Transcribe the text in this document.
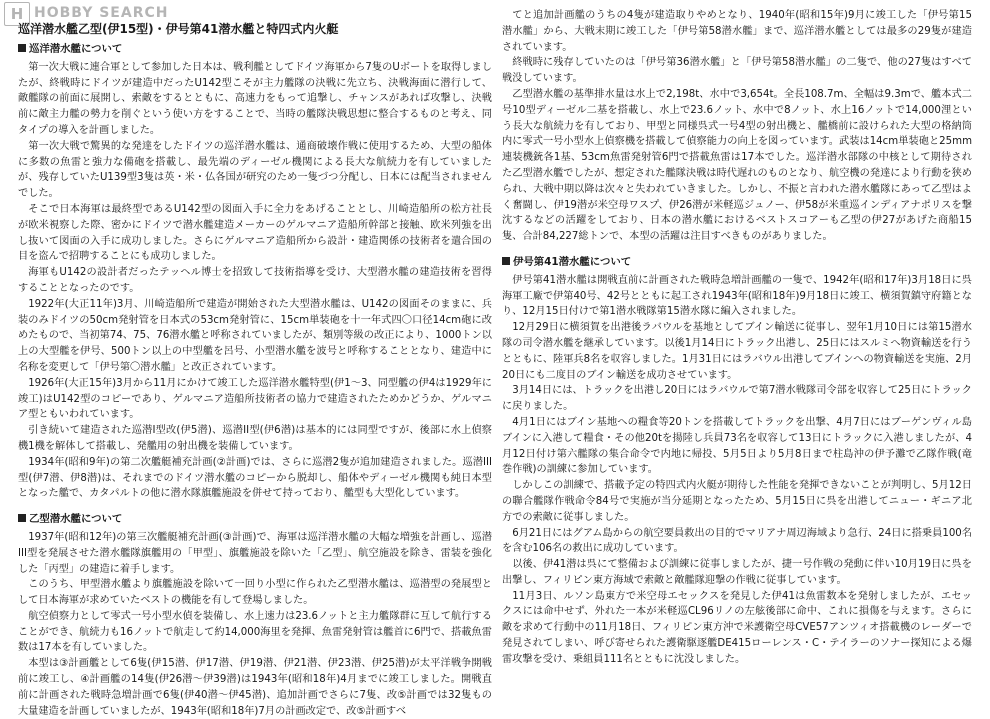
H HOBBY SEARCH
巡洋潜水艦乙型(伊15型)・伊号第41潜水艦と特四式内火艇
巡洋潜水艦について

第一次大戦に連合軍として参加した日本は、戦利艦としてドイツ海軍から7隻のUボートを取得しましたが、終戦時にドイツが建造中だったU142型こそが主力艦隊の決戦に先立ち、決戦海面に潜行して、敵艦隊の前面に展開し、索敵をするとともに、高速力をもって追撃し、チャンスがあれば攻撃し、決戦前に敵主力艦の勢力を削ぐという使い方をすることで、当時の艦隊決戦思想に整合するものと考え、同タイプの導入を計画しました。

第一次大戦で驚異的な発達をしたドイツの巡洋潜水艦は、通商破壊作戦に使用するため、大型の船体に多数の魚雷と強力な備砲を搭載し、最先端のディーゼル機関による長大な航続力を有していましたが、残存していたU139型3隻は英・米・仏各国が研究のため一隻づつ分配し、日本には配当されませんでした。

そこで日本海軍は最終型であるU142型の図面入手に全力をあげることとし、川崎造船所の松方社長が欧米視察した際、密かにドイツで潜水艦建造メーカーのゲルマニア造船所幹部と接触、欧米列強を出し抜いて図面の入手に成功しました。さらにゲルマニア造船所から設計・建造関係の技術者を遣合国の目を盗んで招聘することにも成功しました。

海軍もU142の設計者だったテッヘル博士を招致して技術指導を受け、大型潜水艦の建造技術を習得することとなったのです。

1922年(大正11年)3月、川崎造船所で建造が開始された大型潜水艦は、U142の図面そのままに、兵装のみドイツの50cm発射管を日本式の53cm発射管に、15cm単装砲を十一年式四〇口径14cm砲に改めたもので、当初第74、75、76潜水艦と呼称されていましたが、類別等級の改正により、1000トン以上の大型艦を伊号、500トン以上の中型艦を呂号、小型潜水艦を波号と呼称することとなり、建造中に名称を変更して「伊号第〇潜水艦」と改正されています。

1926年(大正15年)3月から11月にかけて竣工した巡洋潜水艦特型(伊1～3、同型艦の伊4は1929年に竣工)はU142型のコピーであり、ゲルマニア造船所技術者の協力で建造されたためかどうか、ゲルマニア型ともいわれています。

引き続いて建造された巡潜I型改(伊5潜)、巡潜II型(伊6潜)は基本的には同型ですが、後部に水上偵察機1機を解体して搭載し、発艦用の射出機を装備しています。

1934年(昭和9年)の第二次艦艇補充計画(②計画)では、さらに巡潜2隻が追加建造されました。巡潜III型(伊7潜、伊8潜)は、それまでのドイツ潜水艦のコピーから脱却し、船体やディーゼル機関も純日本型となった艦で、カタパルトの他に潜水隊旗艦施設を併せて持っており、艦型も大型化しています。

乙型潜水艦について

1937年(昭和12年)の第三次艦艇補充計画(③計画)で、海軍は巡洋潜水艦の大幅な増強を計画し、巡潜III型を発展させた潜水艦隊旗艦用の「甲型」、旗艦施設を除いた「乙型」、航空施設を除き、雷装を強化した「丙型」の建造に着手します。

このうち、甲型潜水艦より旗艦施設を除いて一回り小型に作られた乙型潜水艦は、巡潜型の発展型として日本海軍が求めていたベストの機能を有して登場しました。

航空偵察力として零式一号小型水偵を装備し、水上速力は23.6ノットと主力艦隊群に互して航行することができ、航続力も16ノットで航走して約14,000海里を発揮、魚雷発射管は艦首に6門で、搭載魚雷数は17本を有していました。

本型は③計画艦として6隻(伊15潜、伊17潜、伊19潜、伊21潜、伊23潜、伊25潜)が太平洋戦争開戦前に竣工し、④計画艦の14隻(伊26潜～伊39潜)は1943年(昭和18年)4月までに竣工しました。開戦直前に計画された戦時急増計画で6隻(伊40潜～伊45潜)、追加計画でさらに7隻、改⑤計画では32隻もの大量建造を計画していましたが、1943年(昭和18年)7月の計画改定で、改⑤計画すべ

てと追加計画艦のうちの4隻が建造取りやめとなり、1940年(昭和15年)9月に竣工した「伊号第15潜水艦」から、大戦末期に竣工した「伊号第58潜水艦」まで、巡洋潜水艦としては最多の29隻が建造されています。

終戦時に残存していたのは「伊号第36潜水艦」と「伊号第58潜水艦」の二隻で、他の27隻はすべて戦没しています。

乙型潜水艦の基準排水量は水上で2,198t、水中で3,654t。全長108.7m、全幅は9.3mで、艦本式二号10型ディーゼル二基を搭載し、水上で23.6ノット、水中で8ノット、水上16ノットで14,000浬という長大な航続力を有しており、甲型と同様呉式一号4型の射出機と、艦橋前に設けられた大型の格納筒内に零式一号小型水上偵察機を搭載して偵察能力の向上を図っています。武装は14cm単装砲と25mm連装機銃各1基、53cm魚雷発射管6門で搭載魚雷は17本でした。巡洋潜水部隊の中核として期待された乙型潜水艦でしたが、想定された艦隊決戦は時代遅れのものとなり、航空機の発達により行動を狭められ、大戦中期以降は次々と失われていきました。しかし、不振と言われた潜水艦隊にあって乙型はよく奮闘し、伊19潜が米空母ワスプ、伊26潜が米軽巡ジュノー、伊58が米重巡インディアナポリスを撃沈するなどの活躍をしており、日本の潜水艦におけるベストスコアーも乙型の伊27があげた商船15隻、合計84,227総トンで、本型の活躍は注目すべきものがありました。

伊号第41潜水艦について

伊号第41潜水艦は開戦直前に計画された戦時急増計画艦の一隻で、1942年(昭和17年)3月18日に呉海軍工廠で伊第40号、42号とともに起工され1943年(昭和18年)9月18日に竣工、横須賀鎮守府籍となり、12月15日付けで第1潜水戦隊第15潜水隊に編入されました。

12月29日に横須賀を出港後ラバウルを基地としてブイン輸送に従事し、翌年1月10日には第15潜水隊の司令潜水艦を継承しています。以後1月14日にトラック出港し、25日にはスルミへ物資輸送を行うとともに、陸軍兵8名を収容しました。1月31日にはラバウル出港してブインへの物資輸送を実施、2月20日にも二度目のブイン輸送を成功させています。

3月14日には、トラックを出港し20日にはラバウルで第7潜水戦隊司令部を収容して25日にトラックに戻りました。

4月1日にはブイン基地への糧食等20トンを搭載してトラックを出撃、4月7日にはブーゲンヴィル島ブインに入港して糧食・その他20tを揚陸し兵員73名を収容して13日にトラックに入港しましたが、4月12日付け第六艦隊の集合命令で内地に帰投、5月5日より5月8日まで柱島沖の伊予灘で乙隊作戦(竜巻作戦)の訓練に参加しています。

しかしこの訓練で、搭載予定の特四式内火艇が期待した性能を発揮できないことが判明し、5月12日の聯合艦隊作戦命令84号で実施が当分延期となったため、5月15日に呉を出港してニュー・ギニア北方での索敵に従事しました。

6月21日にはグアム島からの航空要員救出の目的でマリアナ周辺海域より急行、24日に搭乗員100名を含む106名の救出に成功しています。

以後、伊41潜は呉にて整備および訓練に従事しましたが、捷一号作戦の発動に伴い10月19日に呉を出撃し、フィリピン東方海域で索敵と敵艦隊迎撃の作戦に従事しています。

11月3日、ルソン島東方で米空母エセックスを発見した伊41は魚雷数本を発射しましたが、エセックスには命中せず、外れた一本が米軽巡CL96リノの左舷後部に命中、これに損傷を与えます。さらに敵を求めて行動中の11月18日、フィリピン東方沖で米護衛空母CVE57アンツィオ搭載機のレーダーで発見されてしまい、呼び寄せられた護衛駆逐艦DE415ローレンス・C・テイラーのソナー探知による爆雷攻撃を受け、乗組員111名とともに沈没しました。
